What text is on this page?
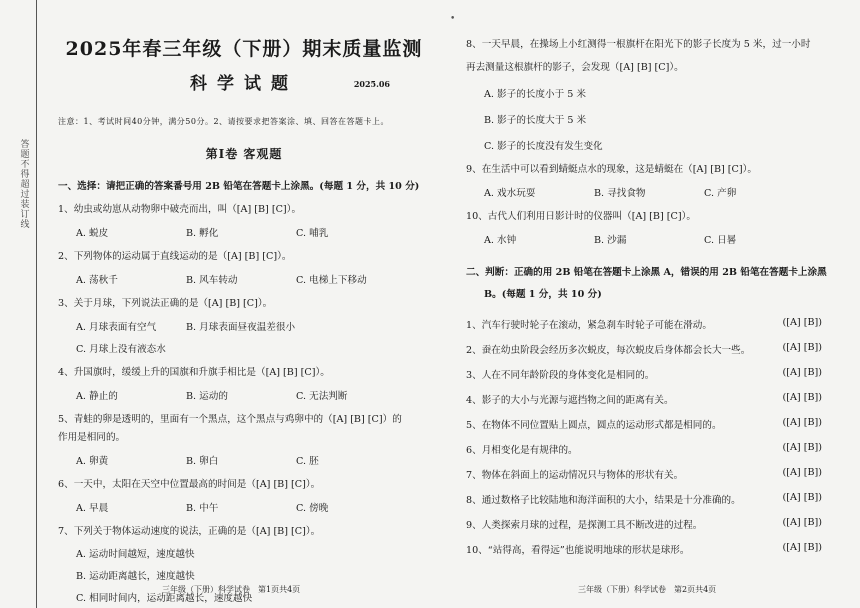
答 题 不 得 超 过 装 订 线
•
2025年春三年级（下册）期末质量监测
科学试题	2025.06
注意：1、考试时间40分钟，满分50分。2、请按要求把答案涂、填、回答在答题卡上。
第Ⅰ卷 客观题
一、选择：请把正确的答案番号用 2B 铅笔在答题卡上涂黑。(每题 1 分，共 10 分)
1、幼虫或幼崽从动物卵中破壳而出，叫（[A] [B] [C]）。
A. 蜕皮	B. 孵化	C. 哺乳
2、下列物体的运动属于直线运动的是（[A] [B] [C]）。
A. 荡秋千	B. 风车转动	C. 电梯上下移动
3、关于月球，下列说法正确的是（[A] [B] [C]）。
A. 月球表面有空气	B. 月球表面昼夜温差很小
C. 月球上没有液态水
4、升国旗时，缓缓上升的国旗和升旗手相比是（[A] [B] [C]）。
A. 静止的	B. 运动的	C. 无法判断
5、青蛙的卵是透明的，里面有一个黑点，这个黑点与鸡卵中的（[A] [B] [C]）的
作用是相同的。
A. 卵黄	B. 卵白	C. 胚
6、一天中，太阳在天空中位置最高的时间是（[A] [B] [C]）。
A. 早晨	B. 中午	C. 傍晚
7、下列关于物体运动速度的说法，正确的是（[A] [B] [C]）。
A. 运动时间越短，速度越快
B. 运动距离越长，速度越快
C. 相同时间内，运动距离越长，速度越快
8、一天早晨，在操场上小红测得一根旗杆在阳光下的影子长度为 5 米，过一小时
再去测量这根旗杆的影子，会发现（[A] [B] [C]）。
A. 影子的长度小于 5 米
B. 影子的长度大于 5 米
C. 影子的长度没有发生变化
9、在生活中可以看到蜻蜓点水的现象，这是蜻蜓在（[A] [B] [C]）。
A. 戏水玩耍	B. 寻找食物	C. 产卵
10、古代人们利用日影计时的仪器叫（[A] [B] [C]）。
A. 水钟	B. 沙漏	C. 日晷
二、判断：正确的用 2B 铅笔在答题卡上涂黑 A，错误的用 2B 铅笔在答题卡上涂黑
B。(每题 1 分，共 10 分)
1、汽车行驶时轮子在滚动，紧急刹车时轮子可能在滑动。	([A] [B])
2、蚕在幼虫阶段会经历多次蜕皮，每次蜕皮后身体都会长大一些。	([A] [B])
3、人在不同年龄阶段的身体变化是相同的。	([A] [B])
4、影子的大小与光源与遮挡物之间的距离有关。	([A] [B])
5、在物体不同位置贴上圆点，圆点的运动形式都是相同的。	([A] [B])
6、月相变化是有规律的。	([A] [B])
7、物体在斜面上的运动情况只与物体的形状有关。	([A] [B])
8、通过数格子比较陆地和海洋面积的大小，结果是十分准确的。	([A] [B])
9、人类探索月球的过程，是探测工具不断改进的过程。	([A] [B])
10、“站得高，看得远”也能说明地球的形状是球形。	([A] [B])
三年级（下册）科学试卷　第1页共4页	三年级（下册）科学试卷　第2页共4页
